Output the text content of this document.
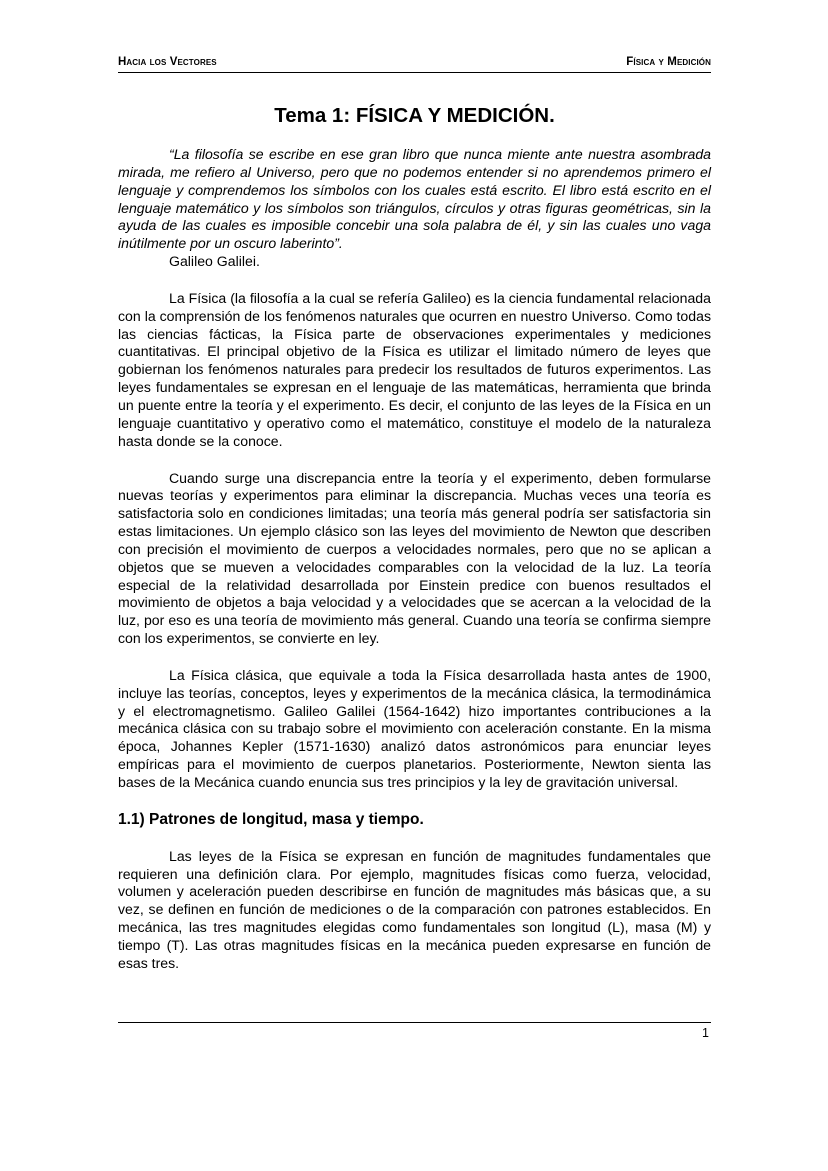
Hacia los Vectores	Física y Medición
Tema 1: FÍSICA Y MEDICIÓN.

“La filosofía se escribe en ese gran libro que nunca miente ante nuestra asombrada mirada, me refiero al Universo, pero que no podemos entender si no aprendemos primero el lenguaje y comprendemos los símbolos con los cuales está escrito. El libro está escrito en el lenguaje matemático y los símbolos son triángulos, círculos y otras figuras geométricas, sin la ayuda de las cuales es imposible concebir una sola palabra de él, y sin las cuales uno vaga inútilmente por un oscuro laberinto”.
Galileo Galilei.

La Física (la filosofía a la cual se refería Galileo) es la ciencia fundamental relacionada con la comprensión de los fenómenos naturales que ocurren en nuestro Universo. Como todas las ciencias fácticas, la Física parte de observaciones experimentales y mediciones cuantitativas. El principal objetivo de la Física es utilizar el limitado número de leyes que gobiernan los fenómenos naturales para predecir los resultados de futuros experimentos. Las leyes fundamentales se expresan en el lenguaje de las matemáticas, herramienta que brinda un puente entre la teoría y el experimento. Es decir, el conjunto de las leyes de la Física en un lenguaje cuantitativo y operativo como el matemático, constituye el modelo de la naturaleza hasta donde se la conoce.

Cuando surge una discrepancia entre la teoría y el experimento, deben formularse nuevas teorías y experimentos para eliminar la discrepancia. Muchas veces una teoría es satisfactoria solo en condiciones limitadas; una teoría más general podría ser satisfactoria sin estas limitaciones. Un ejemplo clásico son las leyes del movimiento de Newton que describen con precisión el movimiento de cuerpos a velocidades normales, pero que no se aplican a objetos que se mueven a velocidades comparables con la velocidad de la luz. La teoría especial de la relatividad desarrollada por Einstein predice con buenos resultados el movimiento de objetos a baja velocidad y a velocidades que se acercan a la velocidad de la luz, por eso es una teoría de movimiento más general. Cuando una teoría se confirma siempre con los experimentos, se convierte en ley.

La Física clásica, que equivale a toda la Física desarrollada hasta antes de 1900, incluye las teorías, conceptos, leyes y experimentos de la mecánica clásica, la termodinámica y el electromagnetismo. Galileo Galilei (1564-1642) hizo importantes contribuciones a la mecánica clásica con su trabajo sobre el movimiento con aceleración constante. En la misma época, Johannes Kepler (1571-1630) analizó datos astronómicos para enunciar leyes empíricas para el movimiento de cuerpos planetarios. Posteriormente, Newton sienta las bases de la Mecánica cuando enuncia sus tres principios y la ley de gravitación universal.

1.1) Patrones de longitud, masa y tiempo.

Las leyes de la Física se expresan en función de magnitudes fundamentales que requieren una definición clara. Por ejemplo, magnitudes físicas como fuerza, velocidad, volumen y aceleración pueden describirse en función de magnitudes más básicas que, a su vez, se definen en función de mediciones o de la comparación con patrones establecidos. En mecánica, las tres magnitudes elegidas como fundamentales son longitud (L), masa (M) y tiempo (T). Las otras magnitudes físicas en la mecánica pueden expresarse en función de esas tres.

1
